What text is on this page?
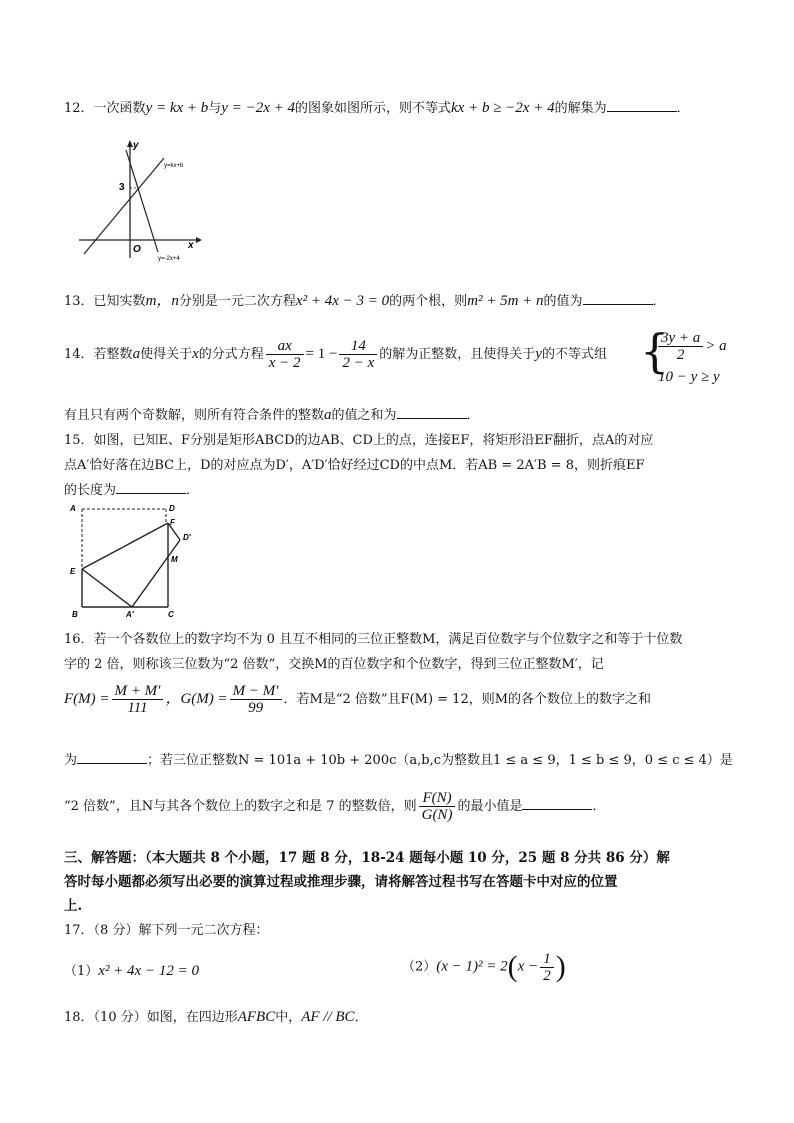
12．一次函数y = kx + b与y = −2x + 4的图象如图所示，则不等式kx + b ≥ −2x + 4的解集为	．
y
x
3
O
y=kx+b
y=-2x+4
13．已知实数m，n分别是一元二次方程x² + 4x − 3 = 0的两个根，则m² + 5m + n的值为	．
14．若整数a使得关于x的分式方程 $\frac{ax}{x - 2} = 1 - \frac{14}{2 - x}$ 的解为正整数，且使得关于y的不等式组 {
$\frac{3y + a}{2} > a$
10 − y ≥ y
有且只有两个奇数解，则所有符合条件的整数a的值之和为	．
15．如图，已知E、F分别是矩形ABCD的边AB、CD上的点，连接EF，将矩形沿EF翻折，点A的对应
点A′恰好落在边BC上，D的对应点为D′，A′D′恰好经过CD的中点M．若AB = 2A′B = 8，则折痕EF
的长度为	．
A	D
F
D′
M
E
B	A′	C
16．若一个各数位上的数字均不为 0 且互不相同的三位正整数M，满足百位数字与个位数字之和等于十位数
字的 2 倍，则称该三位数为“2 倍数”，交换M的百位数字和个位数字，得到三位正整数M′，记
$F(M) = \frac{M + M'}{111}$ ，$G(M) = \frac{M - M'}{99}$ ．若M是“2 倍数”且F(M) = 12，则M的各个数位上的数字之和
为	；若三位正整数N = 101a + 10b + 200c（a,b,c为整数且1 ≤ a ≤ 9，1 ≤ b ≤ 9，0 ≤ c ≤ 4）是
“2 倍数”，且N与其各个数位上的数字之和是 7 的整数倍，则 $\frac{F(N)}{G(N)}$ 的最小值是	．
三、解答题：（本大题共 8 个小题，17 题 8 分，18-24 题每小题 10 分，25 题 8 分共 86 分）解
答时每小题都必须写出必要的演算过程或推理步骤，请将解答过程书写在答题卡中对应的位置
上.
17．（8 分）解下列一元二次方程：
（1）x² + 4x − 12 = 0	$(2)(x - 1)^2 = 2(x - \frac{1}{2}$ )
18．（10 分）如图，在四边形AFBC中，AF // BC．
